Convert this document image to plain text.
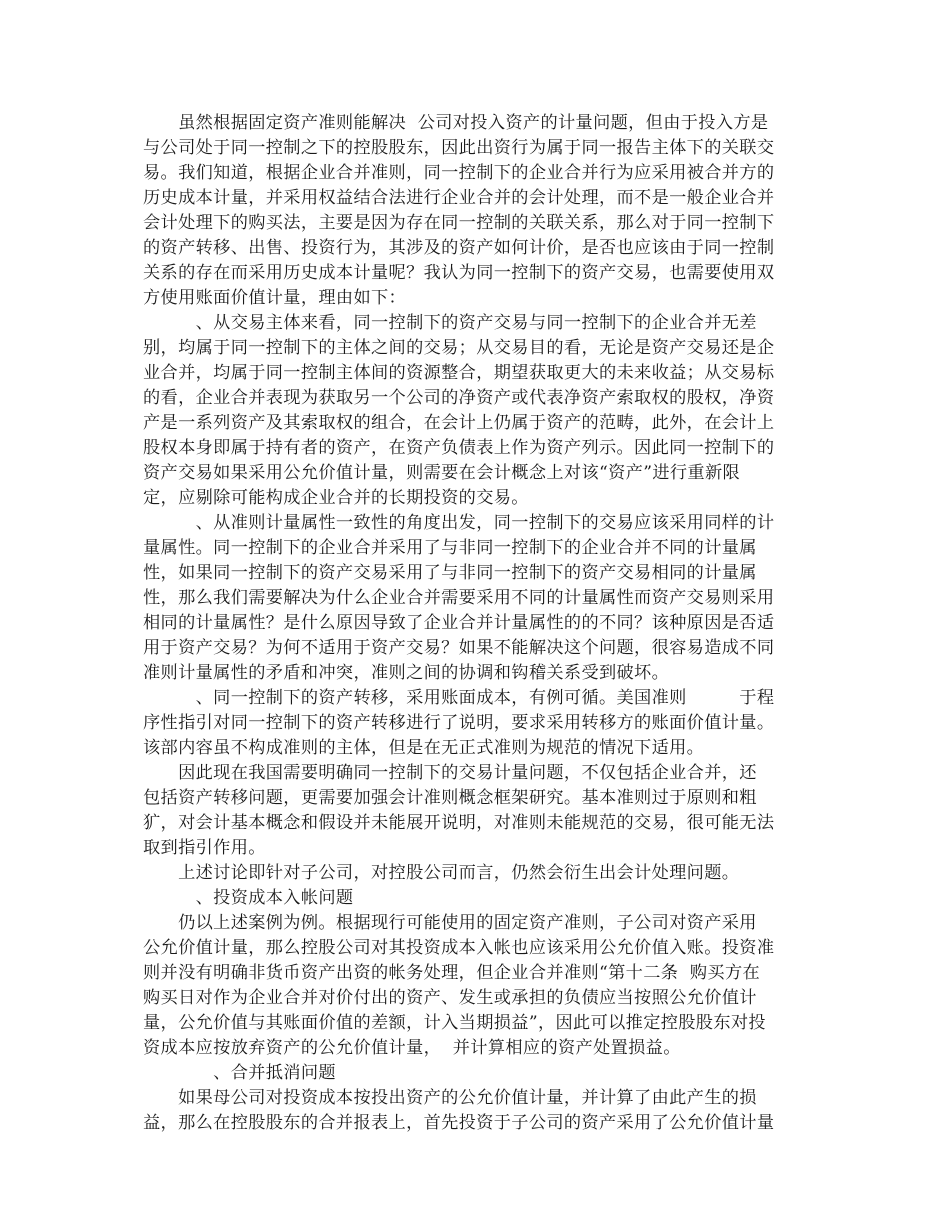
　　虽然根据固定资产准则能解决  公司对投入资产的计量问题，但由于投入方是
与公司处于同一控制之下的控股股东，因此出资行为属于同一报告主体下的关联交
易。我们知道，根据企业合并准则，同一控制下的企业合并行为应采用被合并方的
历史成本计量，并采用权益结合法进行企业合并的会计处理，而不是一般企业合并
会计处理下的购买法，主要是因为存在同一控制的关联关系，那么对于同一控制下
的资产转移、出售、投资行为，其涉及的资产如何计价，是否也应该由于同一控制
关系的存在而采用历史成本计量呢？我认为同一控制下的资产交易，也需要使用双
方使用账面价值计量，理由如下：
　　　、从交易主体来看，同一控制下的资产交易与同一控制下的企业合并无差
别，均属于同一控制下的主体之间的交易；从交易目的看，无论是资产交易还是企
业合并，均属于同一控制主体间的资源整合，期望获取更大的未来收益；从交易标
的看，企业合并表现为获取另一个公司的净资产或代表净资产索取权的股权，净资
产是一系列资产及其索取权的组合，在会计上仍属于资产的范畴，此外，在会计上
股权本身即属于持有者的资产，在资产负债表上作为资产列示。因此同一控制下的
资产交易如果采用公允价值计量，则需要在会计概念上对该“资产”进行重新限
定，应剔除可能构成企业合并的长期投资的交易。
　　　、从准则计量属性一致性的角度出发，同一控制下的交易应该采用同样的计
量属性。同一控制下的企业合并采用了与非同一控制下的企业合并不同的计量属
性，如果同一控制下的资产交易采用了与非同一控制下的资产交易相同的计量属
性，那么我们需要解决为什么企业合并需要采用不同的计量属性而资产交易则采用
相同的计量属性？是什么原因导致了企业合并计量属性的的不同？该种原因是否适
用于资产交易？为何不适用于资产交易？如果不能解决这个问题，很容易造成不同
准则计量属性的矛盾和冲突，准则之间的协调和钩稽关系受到破坏。
　　　、同一控制下的资产转移，采用账面成本，有例可循。美国准则　　　于程
序性指引对同一控制下的资产转移进行了说明，要求采用转移方的账面价值计量。
该部内容虽不构成准则的主体，但是在无正式准则为规范的情况下适用。
　　因此现在我国需要明确同一控制下的交易计量问题，不仅包括企业合并，还
包括资产转移问题，更需要加强会计准则概念框架研究。基本准则过于原则和粗
犷，对会计基本概念和假设并未能展开说明，对准则未能规范的交易，很可能无法
取到指引作用。
　　上述讨论即针对子公司，对控股公司而言，仍然会衍生出会计处理问题。
　　　、投资成本入帐问题
　　仍以上述案例为例。根据现行可能使用的固定资产准则，子公司对资产采用
公允价值计量，那么控股公司对其投资成本入帐也应该采用公允价值入账。投资准
则并没有明确非货币资产出资的帐务处理，但企业合并准则“第十二条  购买方在
购买日对作为企业合并对价付出的资产、发生或承担的负债应当按照公允价值计
量，公允价值与其账面价值的差额，计入当期损益”，因此可以推定控股股东对投
资成本应按放弃资产的公允价值计量，  并计算相应的资产处置损益。
　　　　、合并抵消问题
　　如果母公司对投资成本按投出资产的公允价值计量，并计算了由此产生的损
益，那么在控股股东的合并报表上，首先投资于子公司的资产采用了公允价值计量
